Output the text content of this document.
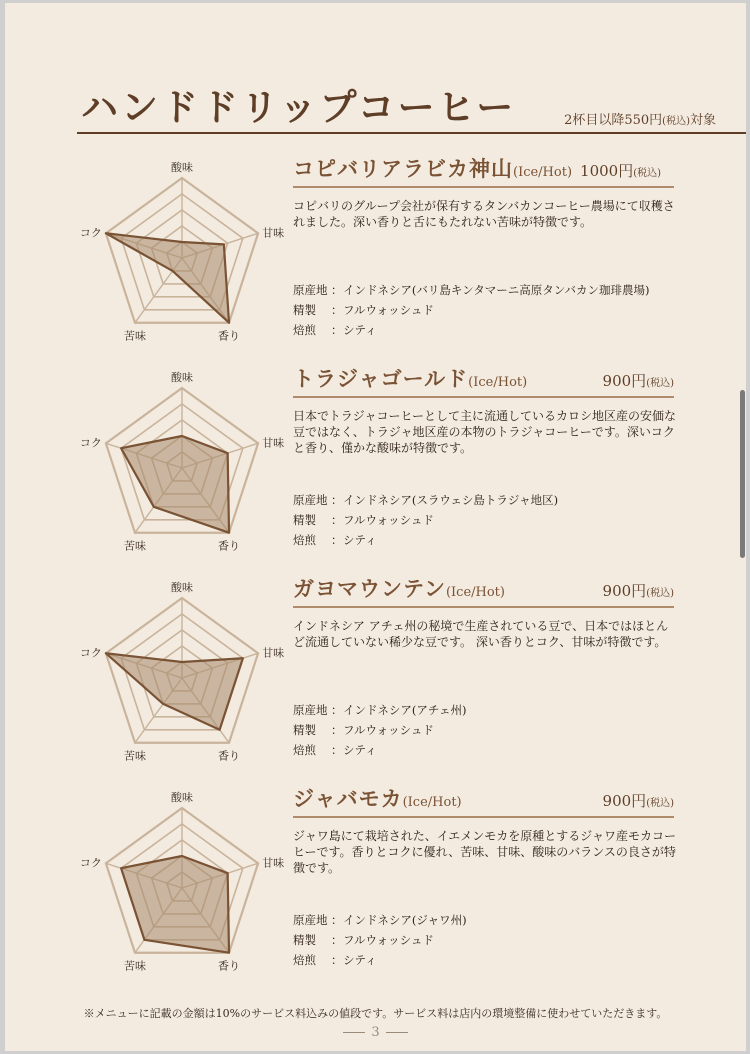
ハンドドリップコーヒー	2杯目以降550円(税込)対象
酸味
甘味
香り
苦味
コク
コピバリアラビカ神山(Ice/Hot) 1000円(税込)
コピバリのグループ会社が保有するタンバカンコーヒー農場にて収穫されました。深い香りと舌にもたれない苦味が特徴です。
原産地 ：インドネシア(バリ島キンタマーニ高原タンバカン珈琲農場)
精製 ：フルウォッシュド
焙煎 ：シティ
酸味
甘味
香り
苦味
コク
トラジャゴールド(Ice/Hot)	900円(税込)
日本でトラジャコーヒーとして主に流通しているカロシ地区産の安価な豆ではなく、トラジャ地区産の本物のトラジャコーヒーです。深いコクと香り、僅かな酸味が特徴です。
原産地 ：インドネシア(スラウェシ島トラジャ地区)
精製 ：フルウォッシュド
焙煎 ：シティ
酸味
甘味
香り
苦味
コク
ガヨマウンテン(Ice/Hot)	900円(税込)
インドネシア アチェ州の秘境で生産されている豆で、日本ではほとんど流通していない稀少な豆です。 深い香りとコク、甘味が特徴です。
原産地 ：インドネシア(アチェ州)
精製 ：フルウォッシュド
焙煎 ：シティ
酸味
甘味
香り
苦味
コク
ジャバモカ(Ice/Hot)	900円(税込)
ジャワ島にて栽培された、イエメンモカを原種とするジャワ産モカコーヒーです。香りとコクに優れ、苦味、甘味、酸味のバランスの良さが特徴です。
原産地 ：インドネシア(ジャワ州)
精製 ：フルウォッシュド
焙煎 ：シティ
※メニューに記載の金額は10%のサービス料込みの値段です。サービス料は店内の環境整備に使わせていただきます。
3
